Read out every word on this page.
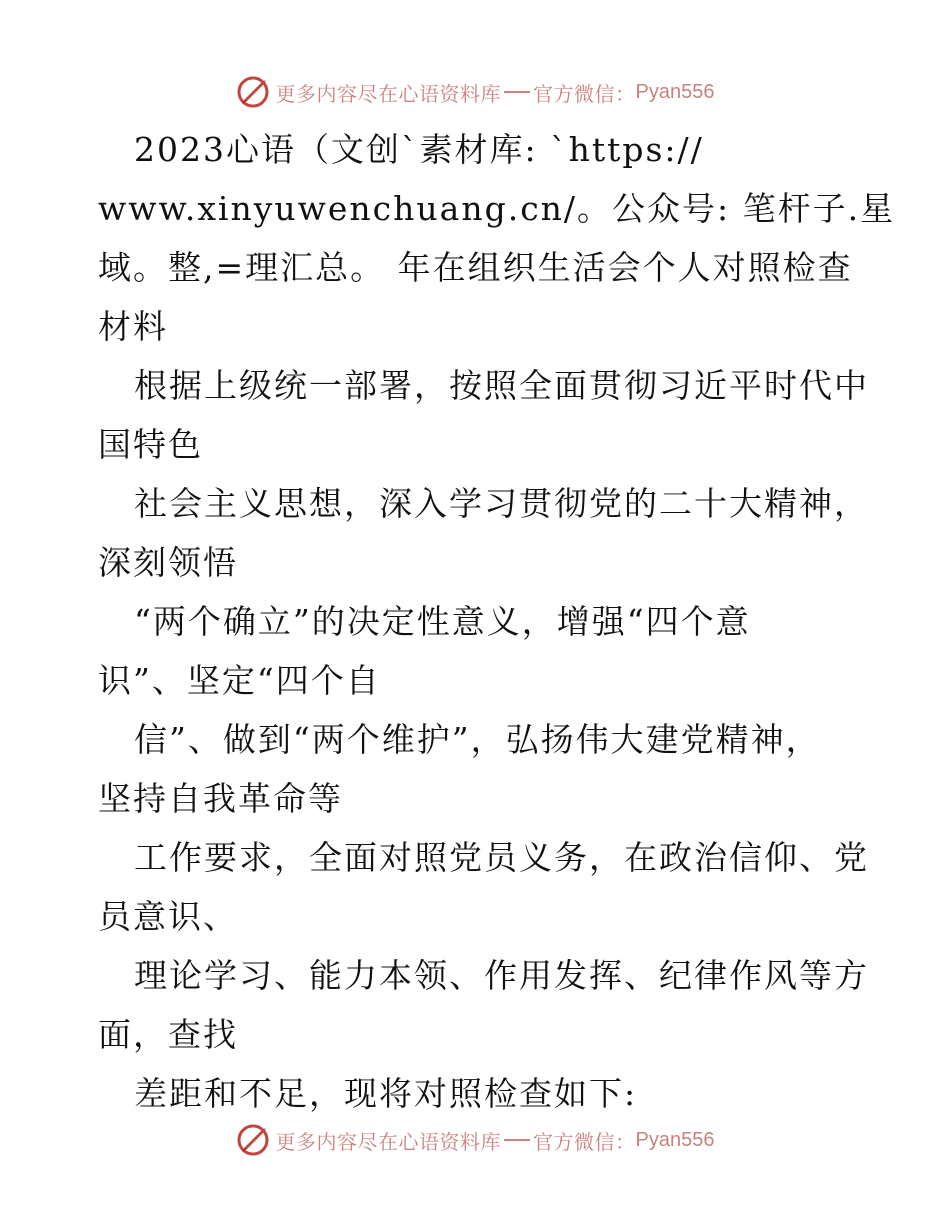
更多内容尽在心语资料库 官方微信： Pyan556
2023心语（文创`素材库: `https://
www.xinyuwenchuang.cn/。公众号: 笔杆子.星
域。整,=理汇总。 年在组织生活会个人对照检查
材料
根据上级统一部署，按照全面贯彻习近平时代中
国特色
社会主义思想，深入学习贯彻党的二十大精神，
深刻领悟
“两个确立”的决定性意义，增强“四个意
识”、坚定“四个自
信”、做到“两个维护”，弘扬伟大建党精神，
坚持自我革命等
工作要求，全面对照党员义务，在政治信仰、党
员意识、
理论学习、能力本领、作用发挥、纪律作风等方
面，查找
差距和不足，现将对照检查如下:
更多内容尽在心语资料库 官方微信： Pyan556
